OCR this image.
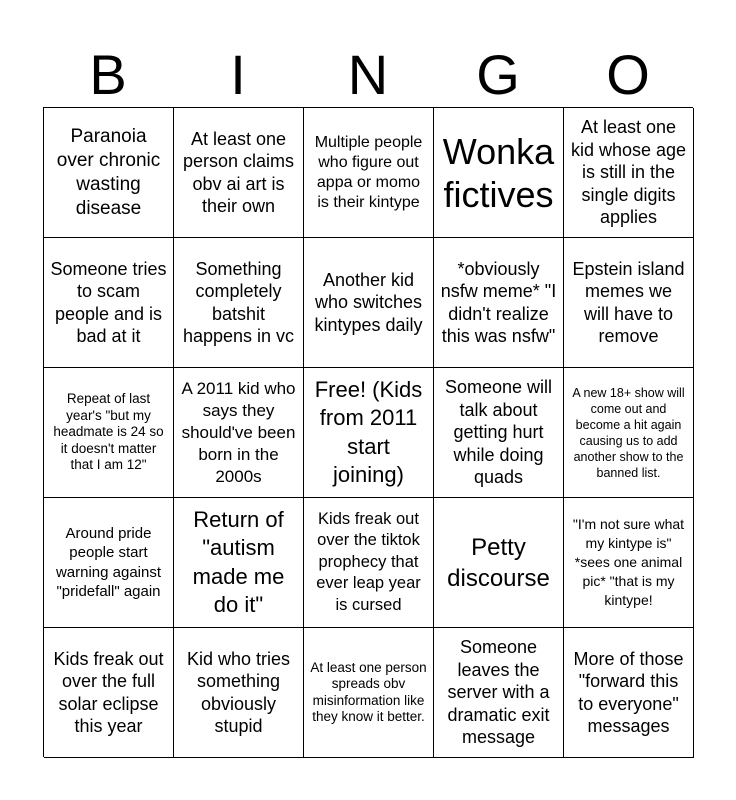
B	I	N	G	O
Paranoia over chronic wasting disease
At least one person claims obv ai art is their own
Multiple people who figure out appa or momo is their kintype
Wonka fictives
At least one kid whose age is still in the single digits applies
Someone tries to scam people and is bad at it
Something completely batshit happens in vc
Another kid who switches kintypes daily
*obviously nsfw meme* "I didn't realize this was nsfw"
Epstein island memes we will have to remove
Repeat of last year's "but my headmate is 24 so it doesn't matter that I am 12"
A 2011 kid who says they should've been born in the 2000s
Free! (Kids from 2011 start joining)
Someone will talk about getting hurt while doing quads
A new 18+ show will come out and become a hit again causing us to add another show to the banned list.
Around pride people start warning against "pridefall" again
Return of "autism made me do it"
Kids freak out over the tiktok prophecy that ever leap year is cursed
Petty discourse
"I'm not sure what my kintype is" *sees one animal pic* "that is my kintype!
Kids freak out over the full solar eclipse this year
Kid who tries something obviously stupid
At least one person spreads obv misinformation like they know it better.
Someone leaves the server with a dramatic exit message
More of those "forward this to everyone" messages
